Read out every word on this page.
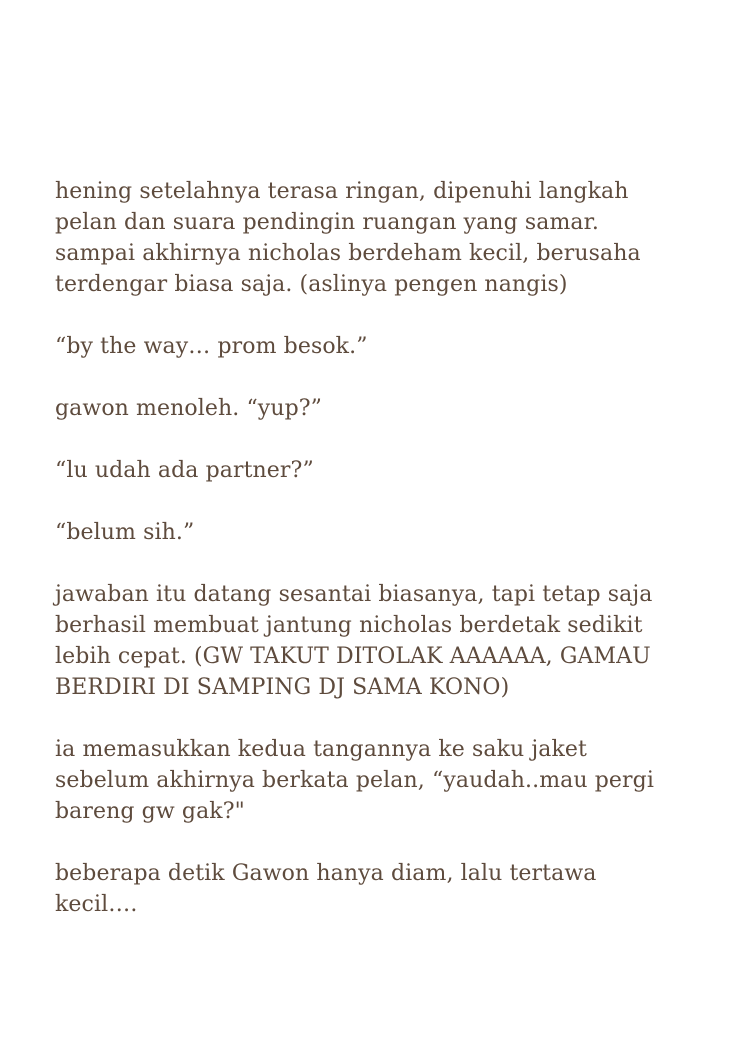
hening setelahnya terasa ringan, dipenuhi langkah
pelan dan suara pendingin ruangan yang samar.
sampai akhirnya nicholas berdeham kecil, berusaha
terdengar biasa saja. (aslinya pengen nangis)

“by the way… prom besok.”

gawon menoleh. “yup?”

“lu udah ada partner?”

“belum sih.”

jawaban itu datang sesantai biasanya, tapi tetap saja
berhasil membuat jantung nicholas berdetak sedikit
lebih cepat. (GW TAKUT DITOLAK AAAAAA, GAMAU
BERDIRI DI SAMPING DJ SAMA KONO)

ia memasukkan kedua tangannya ke saku jaket
sebelum akhirnya berkata pelan, “yaudah..mau pergi
bareng gw gak?"

beberapa detik Gawon hanya diam, lalu tertawa
kecil….
